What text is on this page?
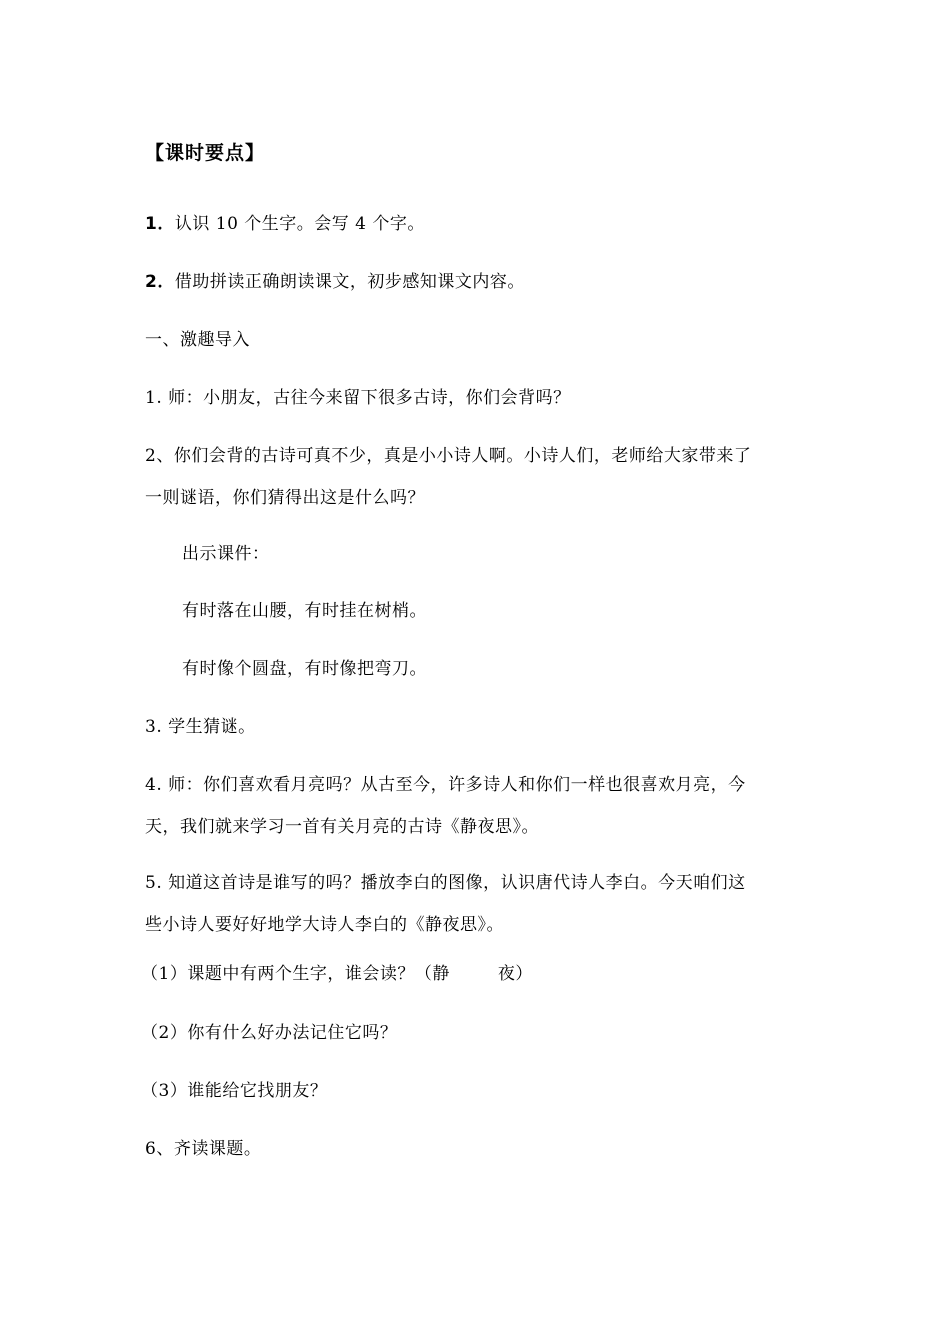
【课时要点】
1．认识 10 个生字。会写 4 个字。
2．借助拼读正确朗读课文，初步感知课文内容。
一、激趣导入
1. 师：小朋友，古往今来留下很多古诗，你们会背吗？
2、你们会背的古诗可真不少，真是小小诗人啊。小诗人们，老师给大家带来了
一则谜语，你们猜得出这是什么吗？
出示课件：
有时落在山腰，有时挂在树梢。
有时像个圆盘，有时像把弯刀。
3. 学生猜谜。
4. 师：你们喜欢看月亮吗？从古至今，许多诗人和你们一样也很喜欢月亮，今
天，我们就来学习一首有关月亮的古诗《静夜思》。
5. 知道这首诗是谁写的吗？播放李白的图像，认识唐代诗人李白。今天咱们这
些小诗人要好好地学大诗人李白的《静夜思》。
（1）课题中有两个生字，谁会读？（静	夜）
（2）你有什么好办法记住它吗？
（3）谁能给它找朋友？
6、齐读课题。
